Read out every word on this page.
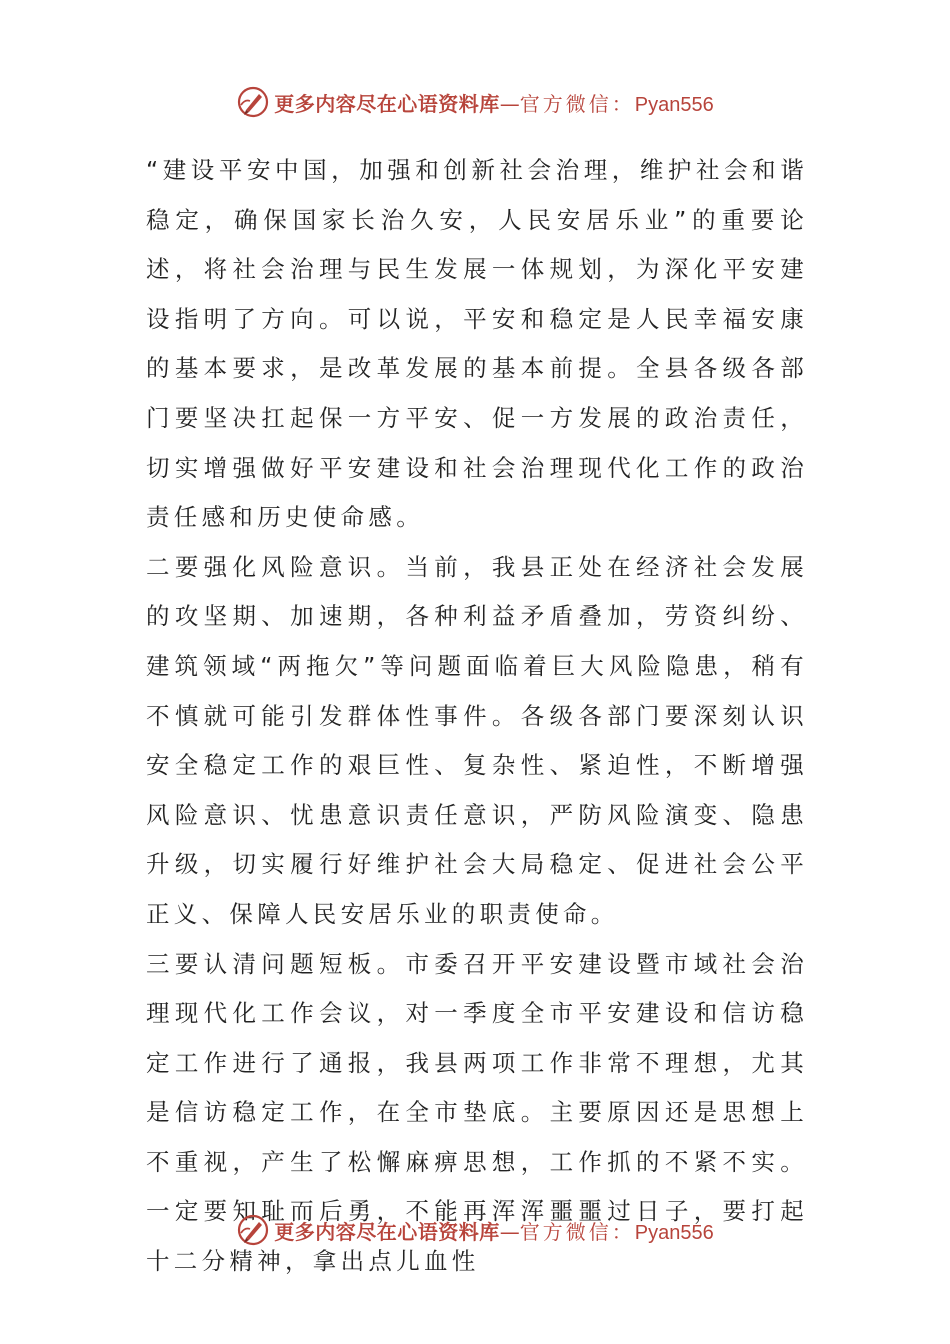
更多内容尽在心语资料库 — 官方微信： Pyan556

“建设平安中国，加强和创新社会治理，维护社会和谐稳定，确保国家长治久安，人民安居乐业”的重要论述，将社会治理与民生发展一体规划，为深化平安建设指明了方向。可以说，平安和稳定是人民幸福安康的基本要求，是改革发展的基本前提。全县各级各部门要坚决扛起保一方平安、促一方发展的政治责任，切实增强做好平安建设和社会治理现代化工作的政治责任感和历史使命感。

二要强化风险意识。当前，我县正处在经济社会发展的攻坚期、加速期，各种利益矛盾叠加，劳资纠纷、建筑领域“两拖欠”等问题面临着巨大风险隐患，稍有不慎就可能引发群体性事件。各级各部门要深刻认识安全稳定工作的艰巨性、复杂性、紧迫性，不断增强风险意识、忧患意识责任意识，严防风险演变、隐患升级，切实履行好维护社会大局稳定、促进社会公平正义、保障人民安居乐业的职责使命。

三要认清问题短板。市委召开平安建设暨市域社会治理现代化工作会议，对一季度全市平安建设和信访稳定工作进行了通报，我县两项工作非常不理想，尤其是信访稳定工作，在全市垫底。主要原因还是思想上不重视，产生了松懈麻痹思想，工作抓的不紧不实。一定要知耻而后勇，不能再浑浑噩噩过日子，要打起十二分精神，拿出点儿血性

更多内容尽在心语资料库 — 官方微信： Pyan556
